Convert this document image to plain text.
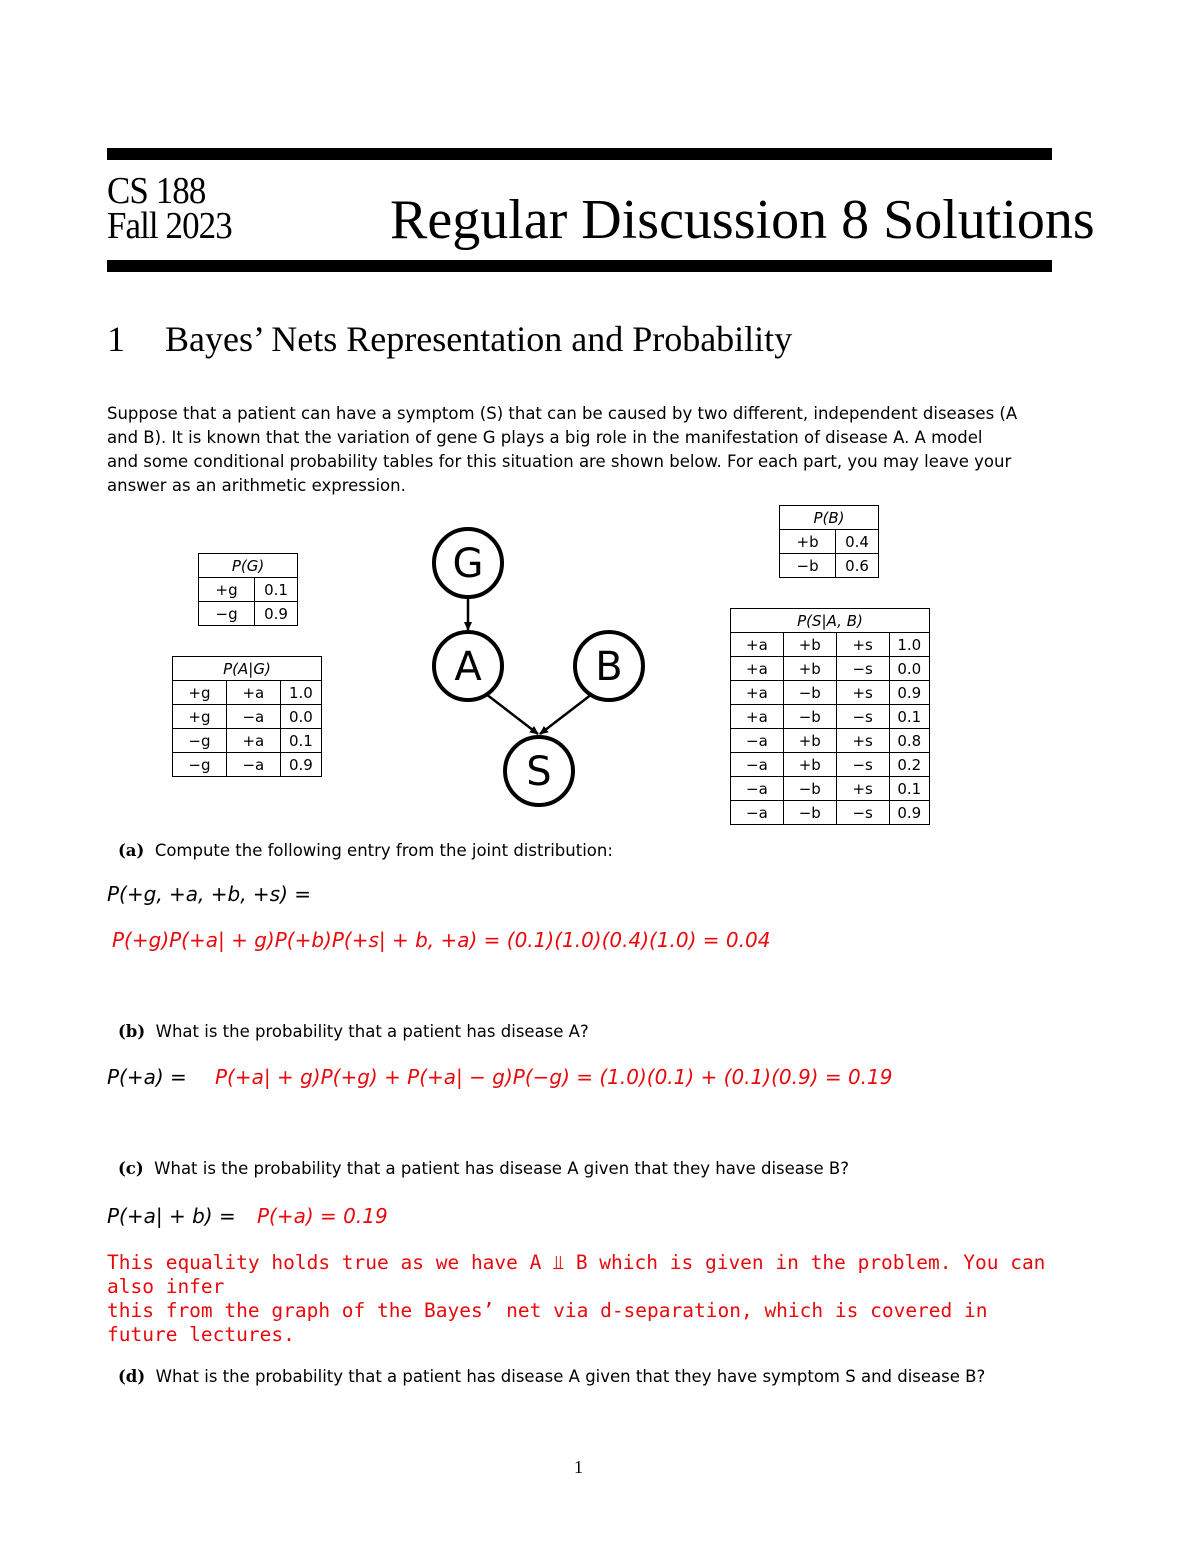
CS 188
Fall 2023	Regular Discussion 8 Solutions
1 Bayes’ Nets Representation and Probability
Suppose that a patient can have a symptom (S) that can be caused by two different, independent diseases (A
and B). It is known that the variation of gene G plays a big role in the manifestation of disease A. A model
and some conditional probability tables for this situation are shown below. For each part, you may leave your
answer as an arithmetic expression.
G
A	B
S
P(G)	
+g	0.1
−g	0.9
P(A|G)		
+g	+a	1.0
+g	−a	0.0
−g	+a	0.1
−g	−a	0.9
P(B)	
+b	0.4
−b	0.6
P(S|A, B)			
+a	+b	+s	1.0
+a	+b	−s	0.0
+a	−b	+s	0.9
+a	−b	−s	0.1
−a	+b	+s	0.8
−a	+b	−s	0.2
−a	−b	+s	0.1
−a	−b	−s	0.9
(a) Compute the following entry from the joint distribution:
P(+g, +a, +b, +s) =
P(+g)P(+a| + g)P(+b)P(+s| + b, +a) = (0.1)(1.0)(0.4)(1.0) = 0.04
(b) What is the probability that a patient has disease A?
P(+a) = P(+a| + g)P(+g) + P(+a| − g)P(−g) = (1.0)(0.1) + (0.1)(0.9) = 0.19
(c) What is the probability that a patient has disease A given that they have disease B?
P(+a| + b) = P(+a) = 0.19
This equality holds true as we have A ⫫ B which is given in the problem. You can also infer
this from the graph of the Bayes’ net via d-separation, which is covered in future lectures.
(d) What is the probability that a patient has disease A given that they have symptom S and disease B?
1
